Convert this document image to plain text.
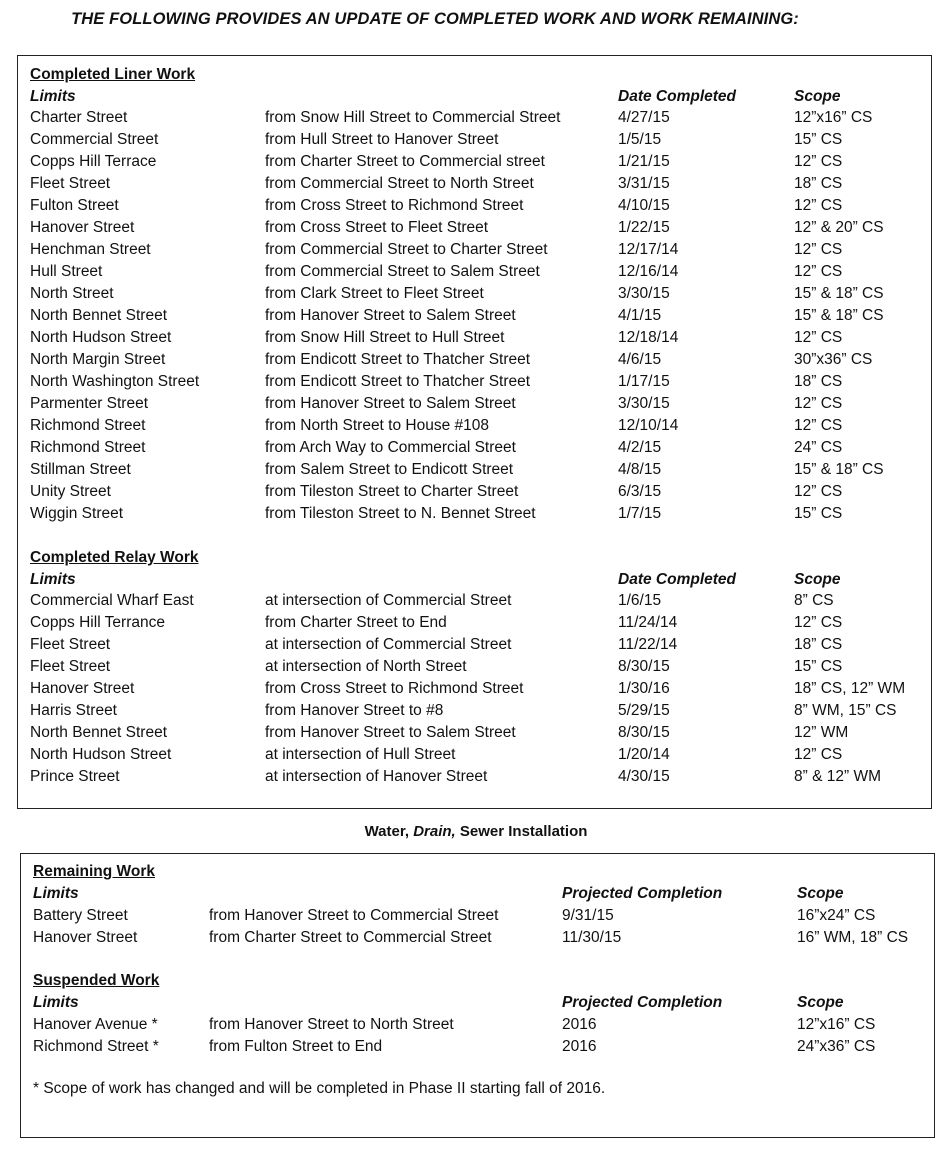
THE FOLLOWING PROVIDES AN UPDATE OF COMPLETED WORK AND WORK REMAINING:
Completed Liner Work
Limits	Date Completed	Scope
Charter Street	from Snow Hill Street to Commercial Street	4/27/15	12”x16” CS
Commercial Street	from Hull Street to Hanover Street	1/5/15	15” CS
Copps Hill Terrace	from Charter Street to Commercial street	1/21/15	12” CS
Fleet Street	from Commercial Street to North Street	3/31/15	18” CS
Fulton Street	from Cross Street to Richmond Street	4/10/15	12” CS
Hanover Street	from Cross Street to Fleet Street	1/22/15	12” & 20” CS
Henchman Street	from Commercial Street to Charter Street	12/17/14	12” CS
Hull Street	from Commercial Street to Salem Street	12/16/14	12” CS
North Street	from Clark Street to Fleet Street	3/30/15	15” & 18” CS
North Bennet Street	from Hanover Street to Salem Street	4/1/15	15” & 18” CS
North Hudson Street	from Snow Hill Street to Hull Street	12/18/14	12” CS
North Margin Street	from Endicott Street to Thatcher Street	4/6/15	30”x36” CS
North Washington Street	from Endicott Street to Thatcher Street	1/17/15	18” CS
Parmenter Street	from Hanover Street to Salem Street	3/30/15	12” CS
Richmond Street	from North Street to House #108	12/10/14	12” CS
Richmond Street	from Arch Way to Commercial Street	4/2/15	24” CS
Stillman Street	from Salem Street to Endicott Street	4/8/15	15” & 18” CS
Unity Street	from Tileston Street to Charter Street	6/3/15	12” CS
Wiggin Street	from Tileston Street to N. Bennet Street	1/7/15	15” CS
Completed Relay Work
Limits	Date Completed	Scope
Commercial Wharf East	at intersection of Commercial Street	1/6/15	8” CS
Copps Hill Terrance	from Charter Street to End	11/24/14	12” CS
Fleet Street	at intersection of Commercial Street	11/22/14	18” CS
Fleet Street	at intersection of North Street	8/30/15	15” CS
Hanover Street	from Cross Street to Richmond Street	1/30/16	18” CS, 12” WM
Harris Street	from Hanover Street to #8	5/29/15	8” WM, 15” CS
North Bennet Street	from Hanover Street to Salem Street	8/30/15	12” WM
North Hudson Street	at intersection of Hull Street	1/20/14	12” CS
Prince Street	at intersection of Hanover Street	4/30/15	8” & 12” WM
Water, Drain, Sewer Installation
Remaining Work
Limits	Projected Completion	Scope
Battery Street	from Hanover Street to Commercial Street	9/31/15	16”x24” CS
Hanover Street	from Charter Street to Commercial Street	11/30/15	16” WM, 18” CS
Suspended Work
Limits	Projected Completion	Scope
Hanover Avenue *	from Hanover Street to North Street	2016	12”x16” CS
Richmond Street *	from Fulton Street to End	2016	24”x36” CS
* Scope of work has changed and will be completed in Phase II starting fall of 2016.
